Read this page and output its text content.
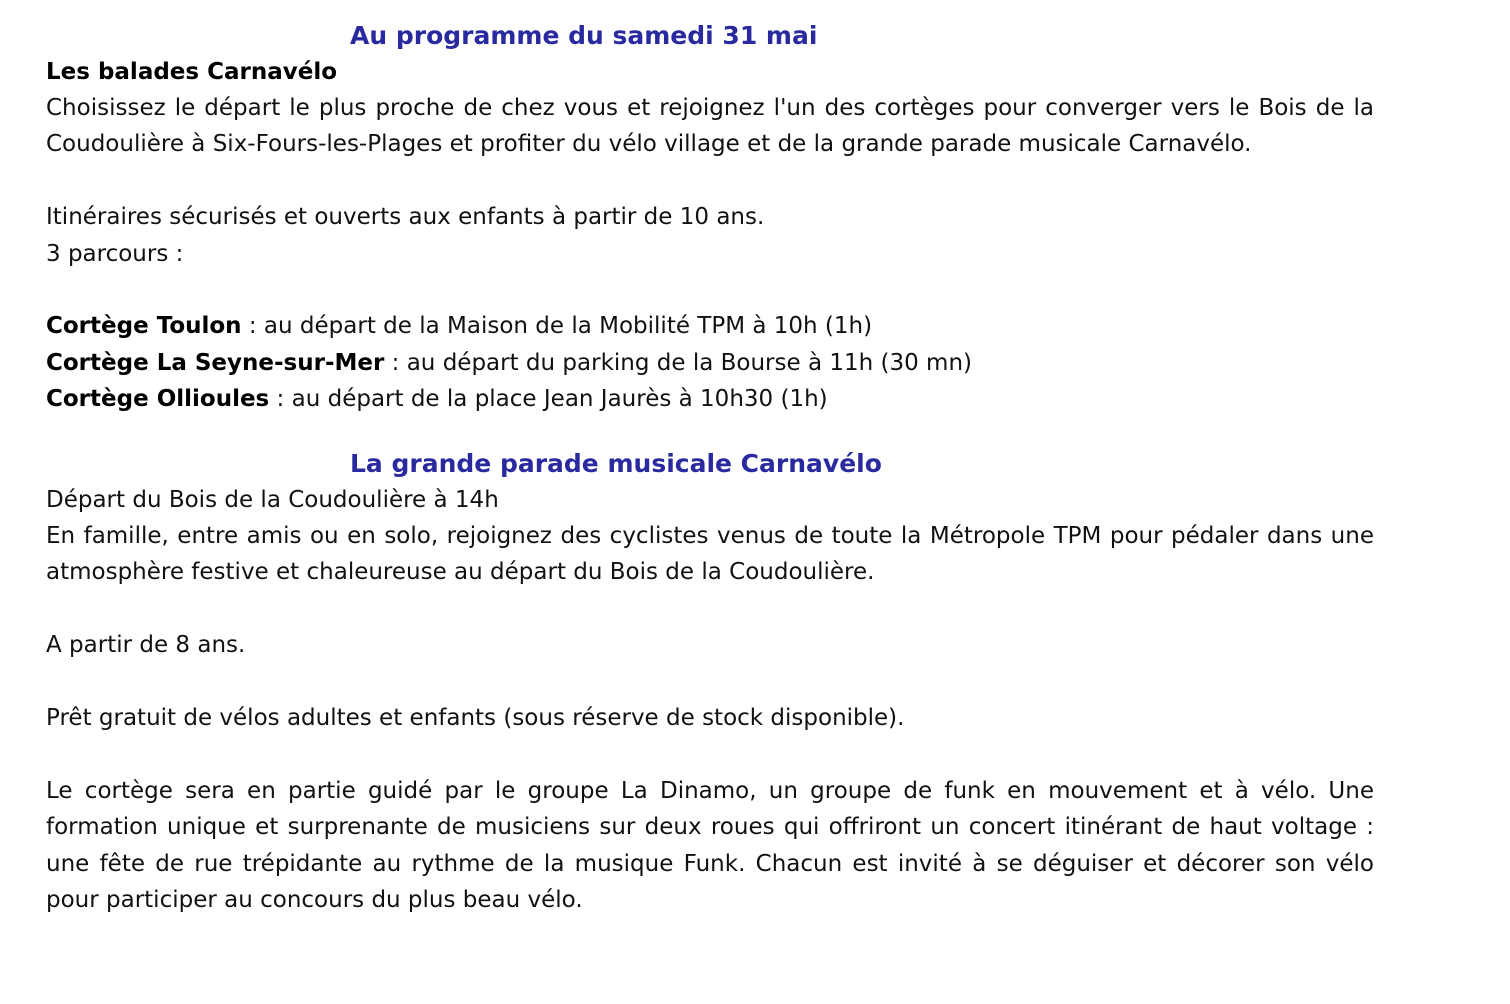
Au programme du samedi 31 mai
Les balades Carnavélo

Choisissez le départ le plus proche de chez vous et rejoignez l'un des cortèges pour converger vers le Bois de la Coudoulière à Six-Fours-les-Plages et profiter du vélo village et de la grande parade musicale Carnavélo.

Itinéraires sécurisés et ouverts aux enfants à partir de 10 ans.

3 parcours :

Cortège Toulon : au départ de la Maison de la Mobilité TPM à 10h (1h)

Cortège La Seyne-sur-Mer : au départ du parking de la Bourse à 11h (30 mn)

Cortège Ollioules : au départ de la place Jean Jaurès à 10h30 (1h)

La grande parade musicale Carnavélo

Départ du Bois de la Coudoulière à 14h

En famille, entre amis ou en solo, rejoignez des cyclistes venus de toute la Métropole TPM pour pédaler dans une atmosphère festive et chaleureuse au départ du Bois de la Coudoulière.

A partir de 8 ans.

Prêt gratuit de vélos adultes et enfants (sous réserve de stock disponible).

Le cortège sera en partie guidé par le groupe La Dinamo, un groupe de funk en mouvement et à vélo. Une formation unique et surprenante de musiciens sur deux roues qui offriront un concert itinérant de haut voltage : une fête de rue trépidante au rythme de la musique Funk. Chacun est invité à se déguiser et décorer son vélo pour participer au concours du plus beau vélo.
